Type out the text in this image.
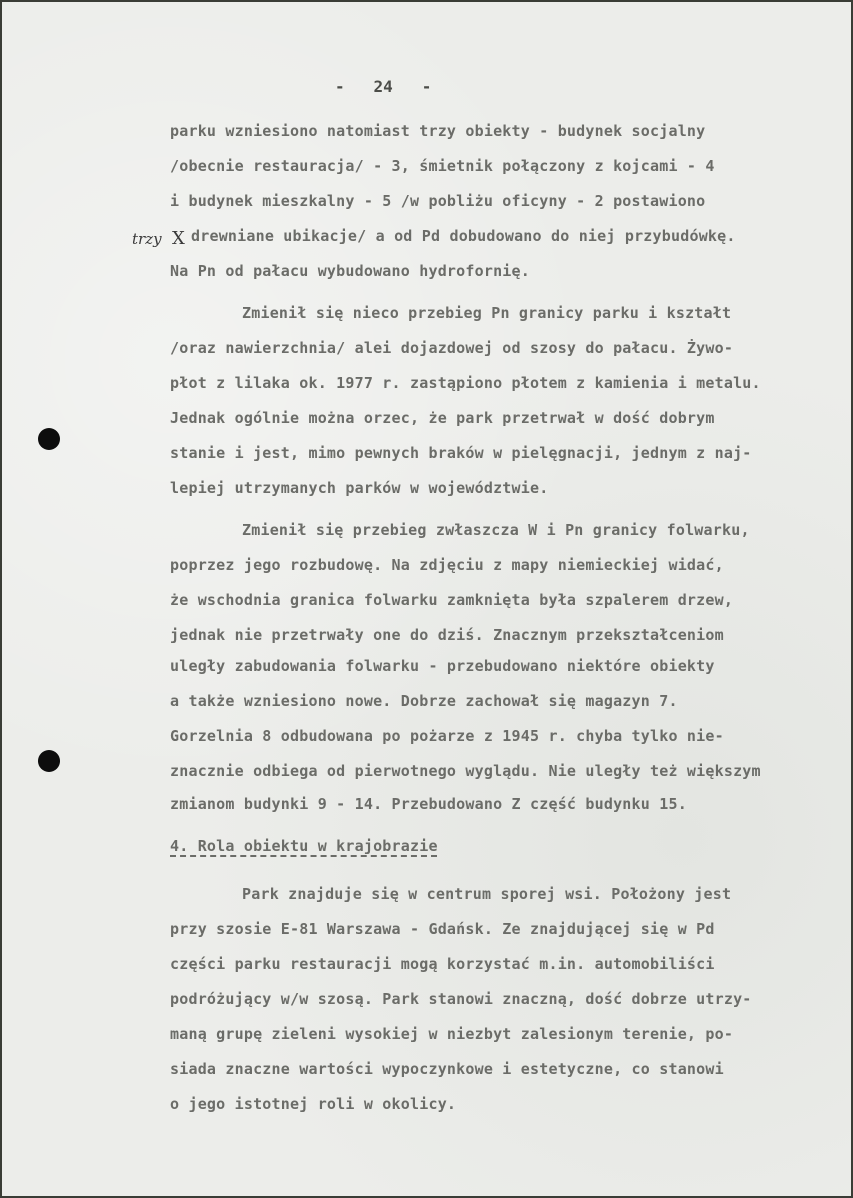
-   24   -
trzy X
parku wzniesiono natomiast trzy obiekty - budynek socjalny
/obecnie restauracja/ - 3, śmietnik połączony z kojcami - 4
i budynek mieszkalny - 5 /w pobliżu oficyny - 2 postawiono
drewniane ubikacje/ a od Pd dobudowano do niej przybudówkę.
Na Pn od pałacu wybudowano hydrofornię.
Zmienił się nieco przebieg Pn granicy parku i kształt
/oraz nawierzchnia/ alei dojazdowej od szosy do pałacu. Żywo-
płot z lilaka ok. 1977 r. zastąpiono płotem z kamienia i metalu.
Jednak ogólnie można orzec, że park przetrwał w dość dobrym
stanie i jest, mimo pewnych braków w pielęgnacji, jednym z naj-
lepiej utrzymanych parków w województwie.
Zmienił się przebieg zwłaszcza W i Pn granicy folwarku,
poprzez jego rozbudowę. Na zdjęciu z mapy niemieckiej widać,
że wschodnia granica folwarku zamknięta była szpalerem drzew,
jednak nie przetrwały one do dziś. Znacznym przekształceniom
uległy zabudowania folwarku - przebudowano niektóre obiekty
a także wzniesiono nowe. Dobrze zachował się magazyn 7.
Gorzelnia 8 odbudowana po pożarze z 1945 r. chyba tylko nie-
znacznie odbiega od pierwotnego wyglądu. Nie uległy też większym
zmianom budynki 9 - 14. Przebudowano Z część budynku 15.
4. Rola obiektu w krajobrazie
Park znajduje się w centrum sporej wsi. Położony jest
przy szosie E-81 Warszawa - Gdańsk. Ze znajdującej się w Pd
części parku restauracji mogą korzystać m.in. automobiliści
podróżujący w/w szosą. Park stanowi znaczną, dość dobrze utrzy-
maną grupę zieleni wysokiej w niezbyt zalesionym terenie, po-
siada znaczne wartości wypoczynkowe i estetyczne, co stanowi
o jego istotnej roli w okolicy.
